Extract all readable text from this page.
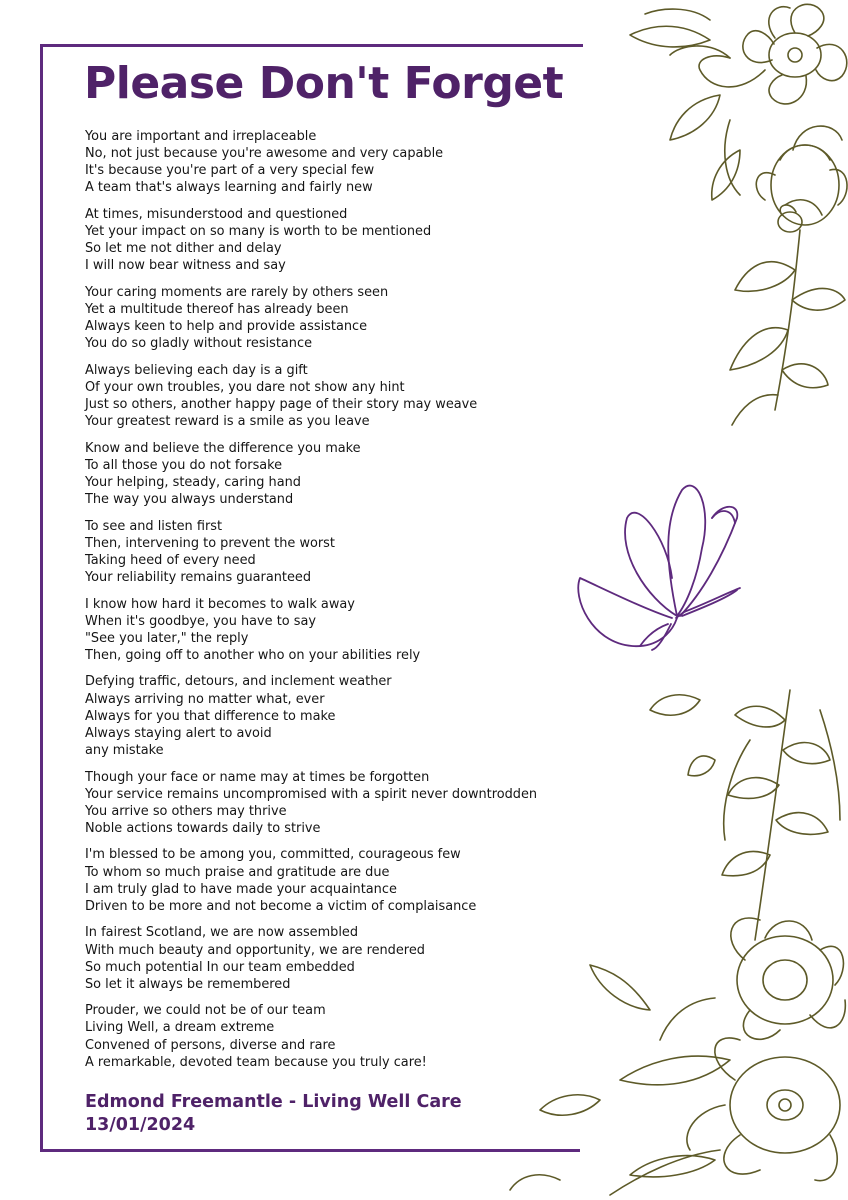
Please Don't Forget
You are important and irreplaceable
No, not just because you're awesome and very capable
It's because you're part of a very special few
A team that's always learning and fairly new
At times, misunderstood and questioned
Yet your impact on so many is worth to be mentioned
So let me not dither and delay
I will now bear witness and say
Your caring moments are rarely by others seen
Yet a multitude thereof has already been
Always keen to help and provide assistance
You do so gladly without resistance
Always believing each day is a gift
Of your own troubles, you dare not show any hint
Just so others, another happy page of their story may weave
Your greatest reward is a smile as you leave
Know and believe the difference you make
To all those you do not forsake
Your helping, steady, caring hand
The way you always understand
To see and listen first
Then, intervening to prevent the worst
Taking heed of every need
Your reliability remains guaranteed
I know how hard it becomes to walk away
When it's goodbye, you have to say
"See you later," the reply
Then, going off to another who on your abilities rely
Defying traffic, detours, and inclement weather
Always arriving no matter what, ever
Always for you that difference to make
Always staying alert to avoid
any mistake
Though your face or name may at times be forgotten
Your service remains uncompromised with a spirit never downtrodden
You arrive so others may thrive
Noble actions towards daily to strive
I'm blessed to be among you, committed, courageous few
To whom so much praise and gratitude are due
I am truly glad to have made your acquaintance
Driven to be more and not become a victim of complaisance
In fairest Scotland, we are now assembled
With much beauty and opportunity, we are rendered
So much potential In our team embedded
So let it always be remembered
Prouder, we could not be of our team
Living Well, a dream extreme
Convened of persons, diverse and rare
A remarkable, devoted team because you truly care!
Edmond Freemantle - Living Well Care
13/01/2024
